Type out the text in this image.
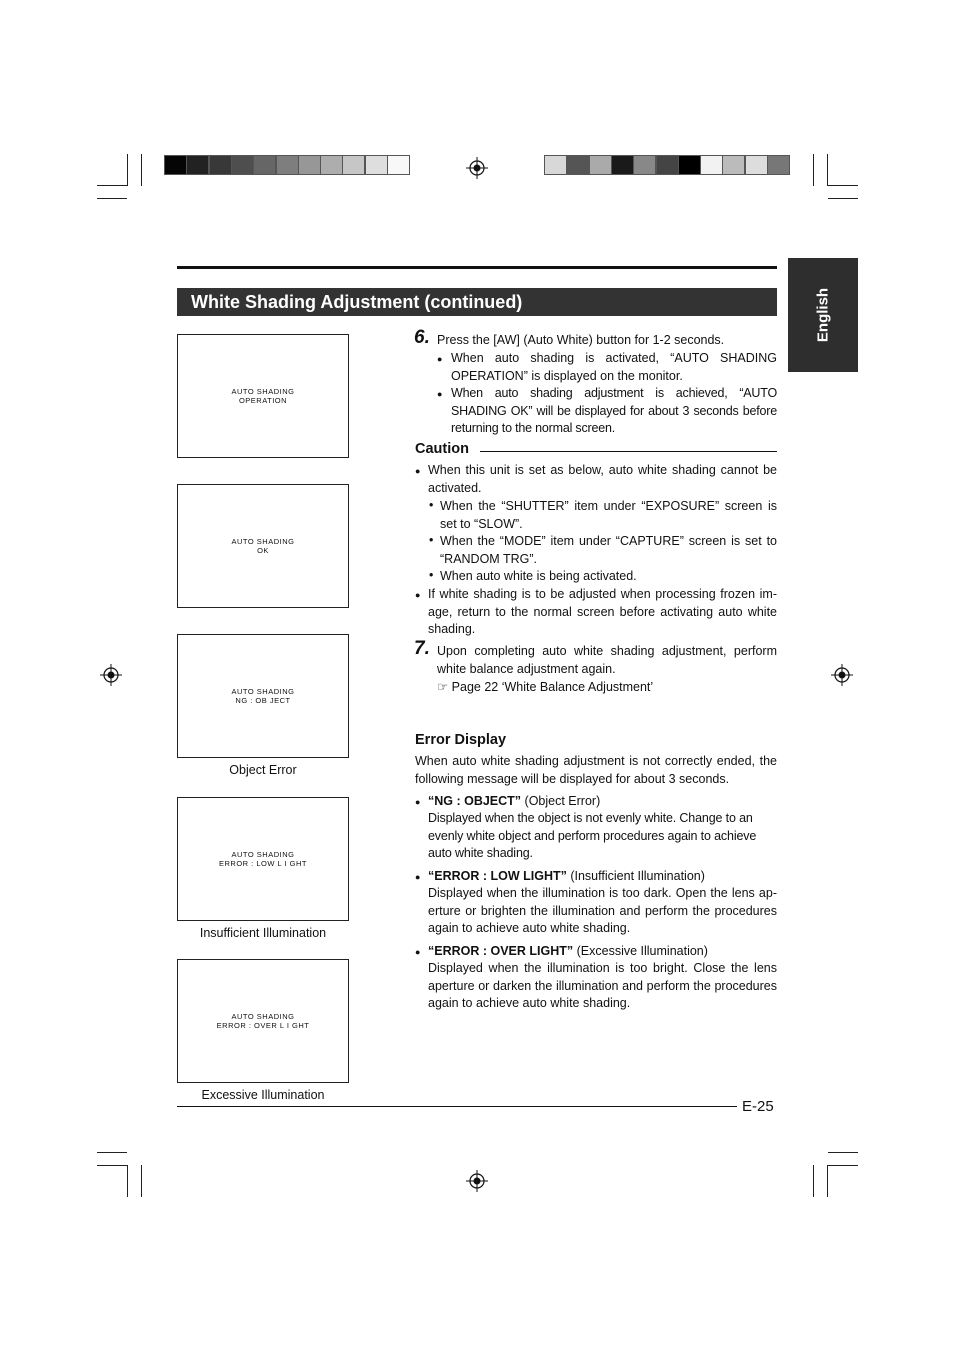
White Shading Adjustment (continued)	English
AUTO SHADING
OPERATION
AUTO SHADING
OK
AUTO SHADING
NG : OB JECT
Object Error
AUTO SHADING
ERROR : LOW L I GHT
Insufficient Illumination
AUTO SHADING
ERROR : OVER L I GHT
Excessive Illumination
6. Press the [AW] (Auto White) button for 1-2 seconds.
● When auto shading is activated, “AUTO SHADING OPERATION” is displayed on the monitor.
● When auto shading adjustment is achieved, “AUTO SHADING OK” will be displayed for about 3 seconds before returning to the normal screen.
Caution
● When this unit is set as below, auto white shading cannot be activated.
• When the “SHUTTER” item under “EXPOSURE” screen is set to “SLOW”.
• When the “MODE” item under “CAPTURE” screen is set to “RANDOM TRG”.
• When auto white is being activated.
● If white shading is to be adjusted when processing frozen im-age, return to the normal screen before activating auto white shading.
7. Upon completing auto white shading adjustment, perform white balance adjustment again.
☞ Page 22 ‘White Balance Adjustment’
Error Display
When auto white shading adjustment is not correctly ended, the following message will be displayed for about 3 seconds.
● “NG : OBJECT” (Object Error)
Displayed when the object is not evenly white. Change to an evenly white object and perform procedures again to achieve auto white shading.
● “ERROR : LOW LIGHT” (Insufficient Illumination)
Displayed when the illumination is too dark. Open the lens ap-erture or brighten the illumination and perform the procedures again to achieve auto white shading.
● “ERROR : OVER LIGHT” (Excessive Illumination)
Displayed when the illumination is too bright. Close the lens aperture or darken the illumination and perform the procedures again to achieve auto white shading.
E-25
